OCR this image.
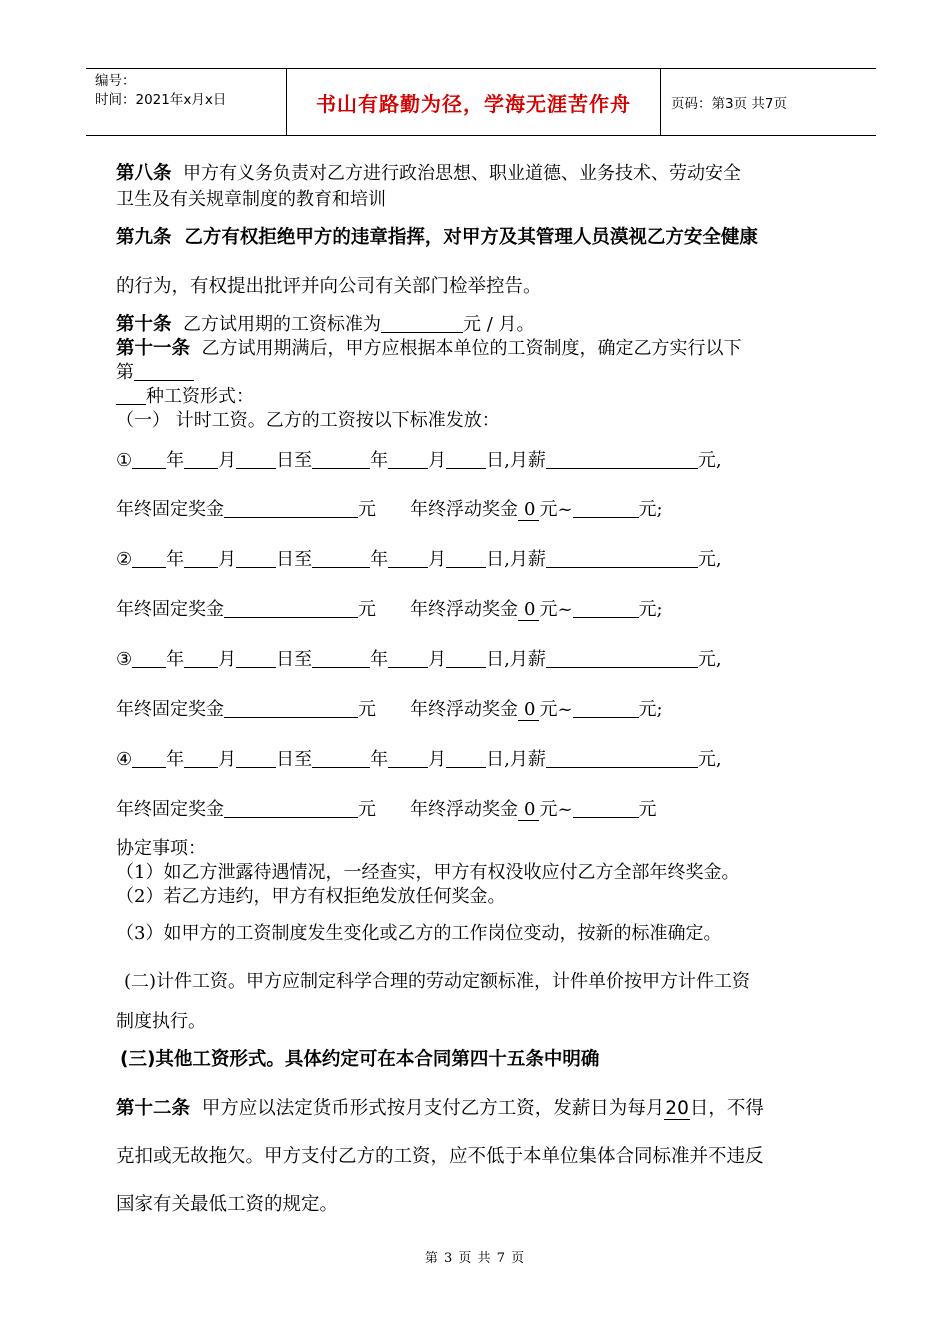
编号：
时间：2021年x月x日	书山有路勤为径，学海无涯苦作舟	页码：第3页 共7页
第八条 甲方有义务负责对乙方进行政治思想、职业道德、业务技术、劳动安全
卫生及有关规章制度的教育和培训
第九条 乙方有权拒绝甲方的违章指挥，对甲方及其管理人员漠视乙方安全健康
的行为，有权提出批评并向公司有关部门检举控告。
第十条 乙方试用期的工资标准为	元 / 月。
第十一条 乙方试用期满后，甲方应根据本单位的工资制度，确定乙方实行以下
第
种工资形式：
（一） 计时工资。乙方的工资按以下标准发放：
① 年 月 日至	年 月 日,月薪	元,
年终固定奖金	元 年终浮动奖金 0 元~	元;
② 年 月 日至	年 月 日,月薪	元,
年终固定奖金	元 年终浮动奖金 0 元~	元;
③ 年 月 日至	年 月 日,月薪	元,
年终固定奖金	元 年终浮动奖金 0 元~	元;
④ 年 月 日至	年 月 日,月薪	元,
年终固定奖金	元 年终浮动奖金 0 元~	元
协定事项：
（1）如乙方泄露待遇情况，一经查实，甲方有权没收应付乙方全部年终奖金。
（2）若乙方违约，甲方有权拒绝发放任何奖金。
（3）如甲方的工资制度发生变化或乙方的工作岗位变动，按新的标准确定。
(二)计件工资。甲方应制定科学合理的劳动定额标准，计件单价按甲方计件工资
制度执行。
(三)其他工资形式。具体约定可在本合同第四十五条中明确
第十二条 甲方应以法定货币形式按月支付乙方工资，发薪日为每月20日，不得
克扣或无故拖欠。甲方支付乙方的工资，应不低于本单位集体合同标准并不违反
国家有关最低工资的规定。
第 3 页 共 7 页
